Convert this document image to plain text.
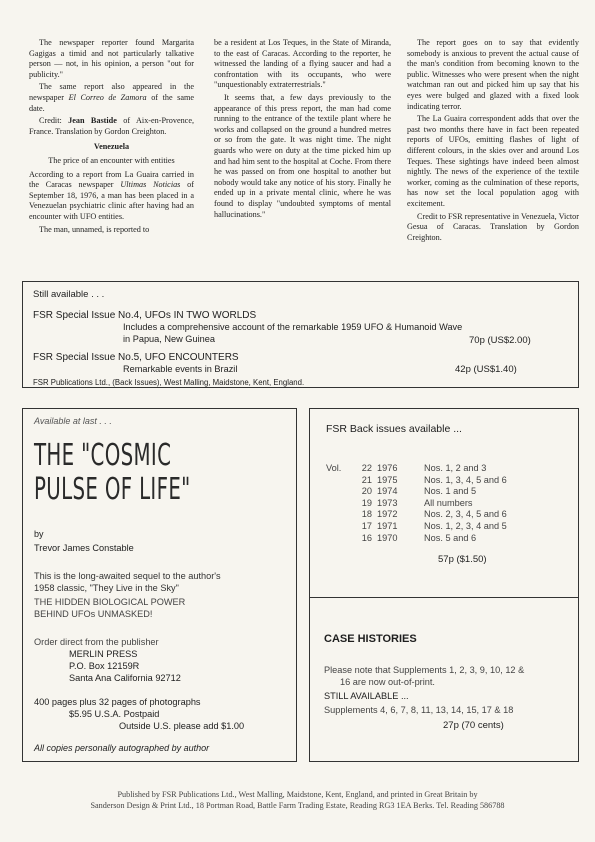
The newspaper reporter found Margarita Gagigas a timid and not particularly talkative person — not, in his opinion, a person "out for publicity."

The same report also appeared in the newspaper El Correo de Zamora of the same date.

Credit: Jean Bastide of Aix-en-Provence, France. Translation by Gordon Creighton.

Venezuela
The price of an encounter with entities

According to a report from La Guaira carried in the Caracas newspaper Ultimas Noticias of September 18, 1976, a man has been placed in a Venezuelan psychiatric clinic after having had an encounter with UFO entities.

The man, unnamed, is reported to

be a resident at Los Teques, in the State of Miranda, to the east of Caracas. According to the reporter, he witnessed the landing of a flying saucer and had a confrontation with its occupants, who were "unquestionably extraterrestrials."

It seems that, a few days previously to the appearance of this press report, the man had come running to the entrance of the textile plant where he works and collapsed on the ground a hundred metres or so from the gate. It was night time. The night guards who were on duty at the time picked him up and had him sent to the hospital at Coche. From there he was passed on from one hospital to another but nobody would take any notice of his story. Finally he ended up in a private mental clinic, where he was found to display "undoubted symptoms of mental hallucinations."

The report goes on to say that evidently somebody is anxious to prevent the actual cause of the man's condition from becoming known to the public. Witnesses who were present when the night watchman ran out and picked him up say that his eyes were bulged and glazed with a fixed look indicating terror.

The La Guaira correspondent adds that over the past two months there have in fact been repeated reports of UFOs, emitting flashes of light of different colours, in the skies over and around Los Teques. These sightings have indeed been almost nightly. The news of the experience of the textile worker, coming as the culmination of these reports, has now set the local population agog with excitement.

Credit to FSR representative in Venezuela, Victor Gesua of Caracas. Translation by Gordon Creighton.

Still available . . .
FSR Special Issue No.4, UFOs IN TWO WORLDS
Includes a comprehensive account of the remarkable 1959 UFO & Humanoid Wave
in Papua, New Guinea	70p (US$2.00)
FSR Special Issue No.5, UFO ENCOUNTERS
Remarkable events in Brazil	42p (US$1.40)
FSR Publications Ltd., (Back Issues), West Malling, Maidstone, Kent, England.
Available at last . . .
THE "COSMIC
PULSE OF LIFE"
by
Trevor James Constable
This is the long-awaited sequel to the author's
1958 classic, "They Live in the Sky"
THE HIDDEN BIOLOGICAL POWER
BEHIND UFOs UNMASKED!
Order direct from the publisher
MERLIN PRESS
P.O. Box 12159R
Santa Ana California 92712
400 pages plus 32 pages of photographs
$5.95 U.S.A. Postpaid
Outside U.S. please add $1.00
All copies personally autographed by author
FSR Back issues available ...
Vol.	22 1976	Nos. 1, 2 and 3
21 1975	Nos. 1, 3, 4, 5 and 6
20 1974	Nos. 1 and 5
19 1973	All numbers
18 1972	Nos. 2, 3, 4, 5 and 6
17 1971	Nos. 1, 2, 3, 4 and 5
16 1970	Nos. 5 and 6
57p ($1.50)
CASE HISTORIES
Please note that Supplements 1, 2, 3, 9, 10, 12 &
16 are now out-of-print.
STILL AVAILABLE ...
Supplements 4, 6, 7, 8, 11, 13, 14, 15, 17 & 18
27p (70 cents)
Published by FSR Publications Ltd., West Malling, Maidstone, Kent, England, and printed in Great Britain by
Sanderson Design & Print Ltd., 18 Portman Road, Battle Farm Trading Estate, Reading RG3 1EA Berks. Tel. Reading 586788
